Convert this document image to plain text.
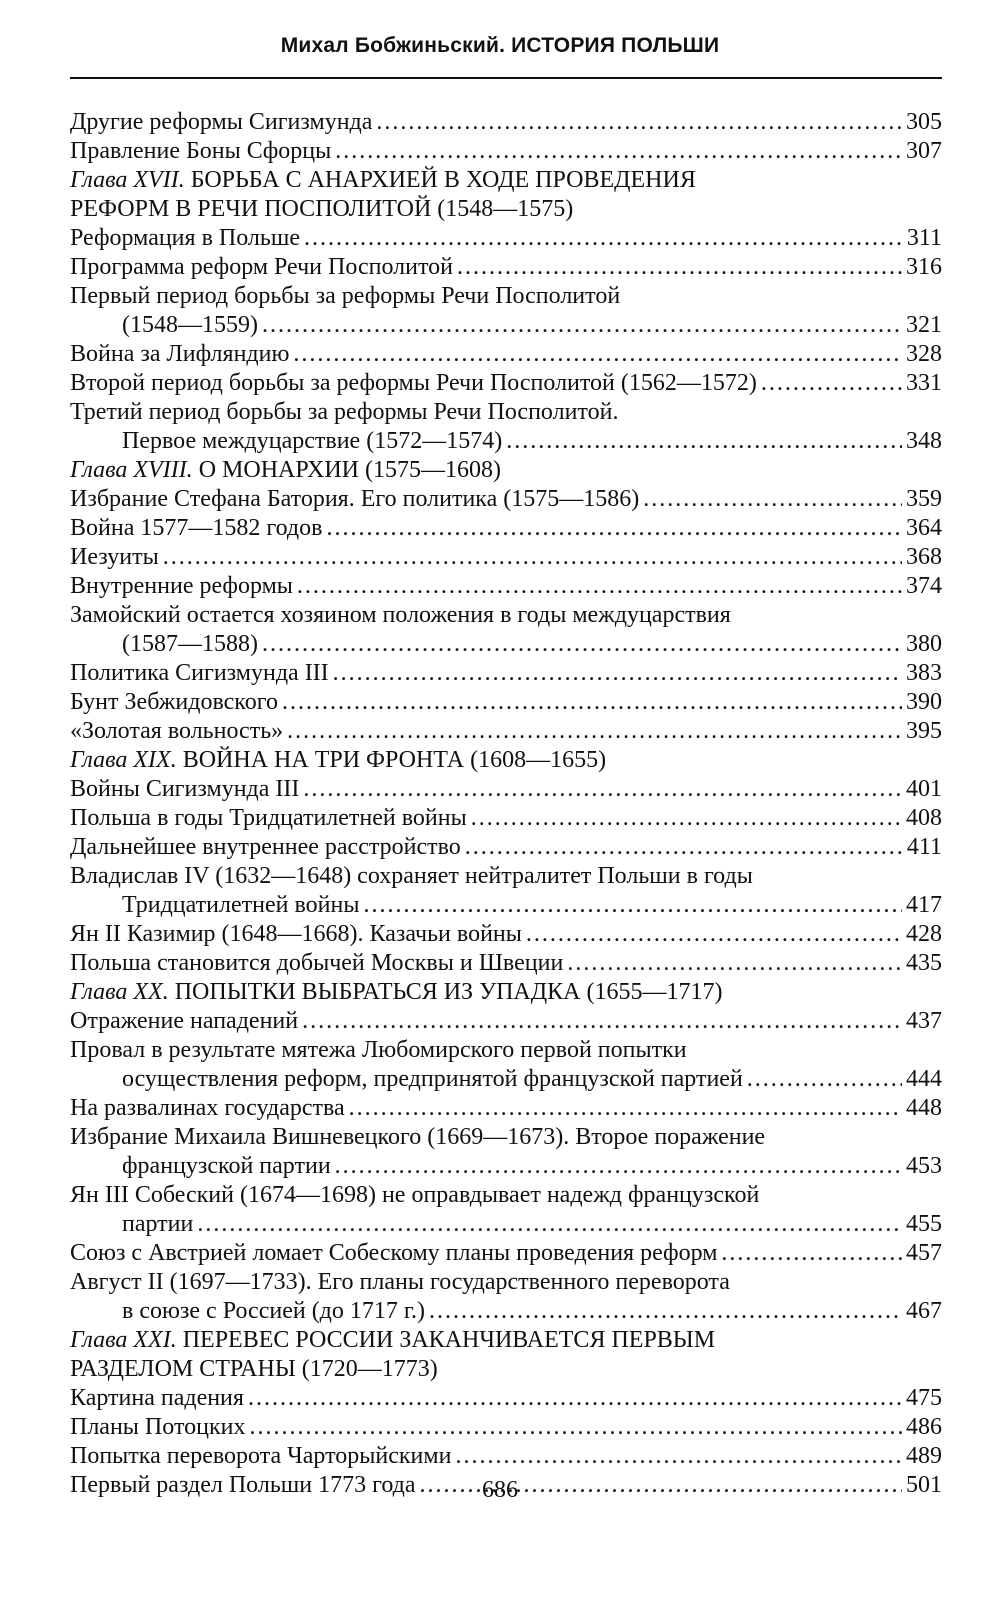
Михал Бобжиньский. ИСТОРИЯ ПОЛЬШИ
Другие реформы Сигизмунда . . .	305
Правление Боны Сфорцы . . .	307
Глава XVII. БОРЬБА С АНАРХИЕЙ В ХОДЕ ПРОВЕДЕНИЯ
РЕФОРМ В РЕЧИ ПОСПОЛИТОЙ (1548—1575)
Реформация в Польше . . .	311
Программа реформ Речи Посполитой . . .	316
Первый период борьбы за реформы Речи Посполитой
(1548—1559) . . .	321
Война за Лифляндию . . .	328
Второй период борьбы за реформы Речи Посполитой (1562—1572) . . .	331
Третий период борьбы за реформы Речи Посполитой.
Первое междуцарствие (1572—1574) . . .	348
Глава XVIII. О МОНАРХИИ (1575—1608)
Избрание Стефана Батория. Его политика (1575—1586) . . .	359
Война 1577—1582 годов . . .	364
Иезуиты . . .	368
Внутренние реформы . . .	374
Замойский остается хозяином положения в годы междуцарствия
(1587—1588) . . .	380
Политика Сигизмунда III . . .	383
Бунт Зебжидовского . . .	390
«Золотая вольность» . . .	395
Глава XIX. ВОЙНА НА ТРИ ФРОНТА (1608—1655)
Войны Сигизмунда III . . .	401
Польша в годы Тридцатилетней войны . . .	408
Дальнейшее внутреннее расстройство . . .	411
Владислав IV (1632—1648) сохраняет нейтралитет Польши в годы
Тридцатилетней войны . . .	417
Ян II Казимир (1648—1668). Казачьи войны . . .	428
Польша становится добычей Москвы и Швеции . . .	435
Глава XX. ПОПЫТКИ ВЫБРАТЬСЯ ИЗ УПАДКА (1655—1717)
Отражение нападений . . .	437
Провал в результате мятежа Любомирского первой попытки
осуществления реформ, предпринятой французской партией . . .	444
На развалинах государства . . .	448
Избрание Михаила Вишневецкого (1669—1673). Второе поражение
французской партии . . .	453
Ян III Собеский (1674—1698) не оправдывает надежд французской
партии . . .	455
Союз с Австрией ломает Собескому планы проведения реформ . . .	457
Август II (1697—1733). Его планы государственного переворота
в союзе с Россией (до 1717 г.) . . .	467
Глава XXI. ПЕРЕВЕС РОССИИ ЗАКАНЧИВАЕТСЯ ПЕРВЫМ
РАЗДЕЛОМ СТРАНЫ (1720—1773)
Картина падения . . .	475
Планы Потоцких . . .	486
Попытка переворота Чарторыйскими . . .	489
Первый раздел Польши 1773 года . . .	501
686
